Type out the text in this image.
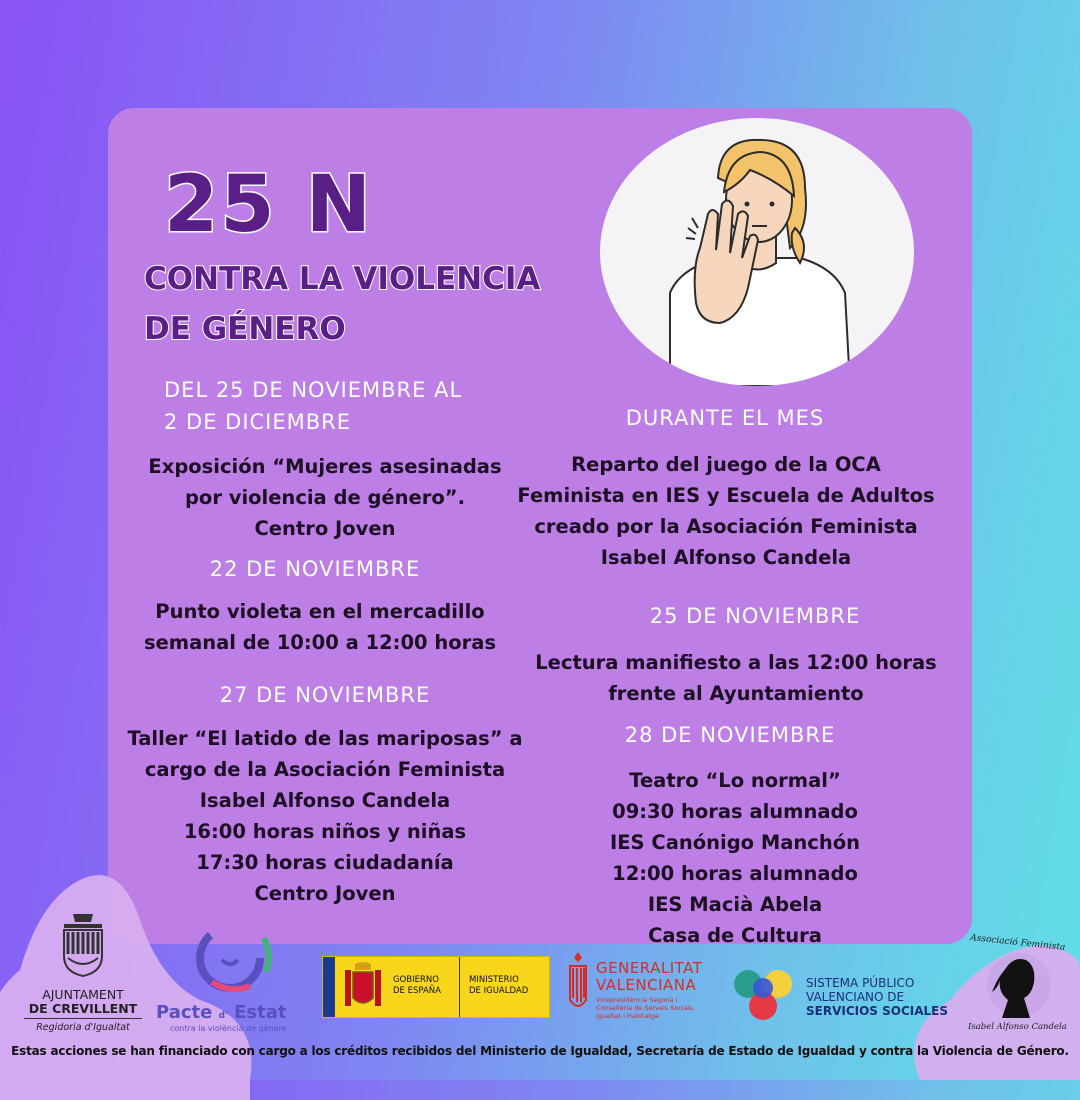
25 N
CONTRA LA VIOLENCIA
DE GÉNERO
DEL 25 DE NOVIEMBRE AL
2 DE DICIEMBRE
Exposición “Mujeres asesinadas
por violencia de género”.
Centro Joven
22 DE NOVIEMBRE
Punto violeta en el mercadillo
semanal de 10:00 a 12:00 horas
27 DE NOVIEMBRE
Taller “El latido de las mariposas” a
cargo de la Asociación Feminista
Isabel Alfonso Candela
16:00 horas niños y niñas
17:30 horas ciudadanía
Centro Joven
DURANTE EL MES
Reparto del juego de la OCA
Feminista en IES y Escuela de Adultos
creado por la Asociación Feminista
Isabel Alfonso Candela
25 DE NOVIEMBRE
Lectura manifiesto a las 12:00 horas
frente al Ayuntamiento
28 DE NOVIEMBRE
Teatro “Lo normal”
09:30 horas alumnado
IES Canónigo Manchón
12:00 horas alumnado
IES Macià Abela
Casa de Cultura
AJUNTAMENT
DE CREVILLENT
Regidoria d'Igualtat
Pacte d' Estat
contra la violència de gènere
GOBIERNO
DE ESPAÑA
MINISTERIO
DE IGUALDAD
GENERALITAT
VALENCIANA
Vicepresidència Segona i
Conselleria de Serveis Socials,
Igualtat i Habitatge
SISTEMA PÚBLICO
VALENCIANO DE
SERVICIOS SOCIALES
Associació Feminista
Isabel Alfonso Candela
Estas acciones se han financiado con cargo a los créditos recibidos del Ministerio de Igualdad, Secretaría de Estado de Igualdad y contra la Violencia de Género.
